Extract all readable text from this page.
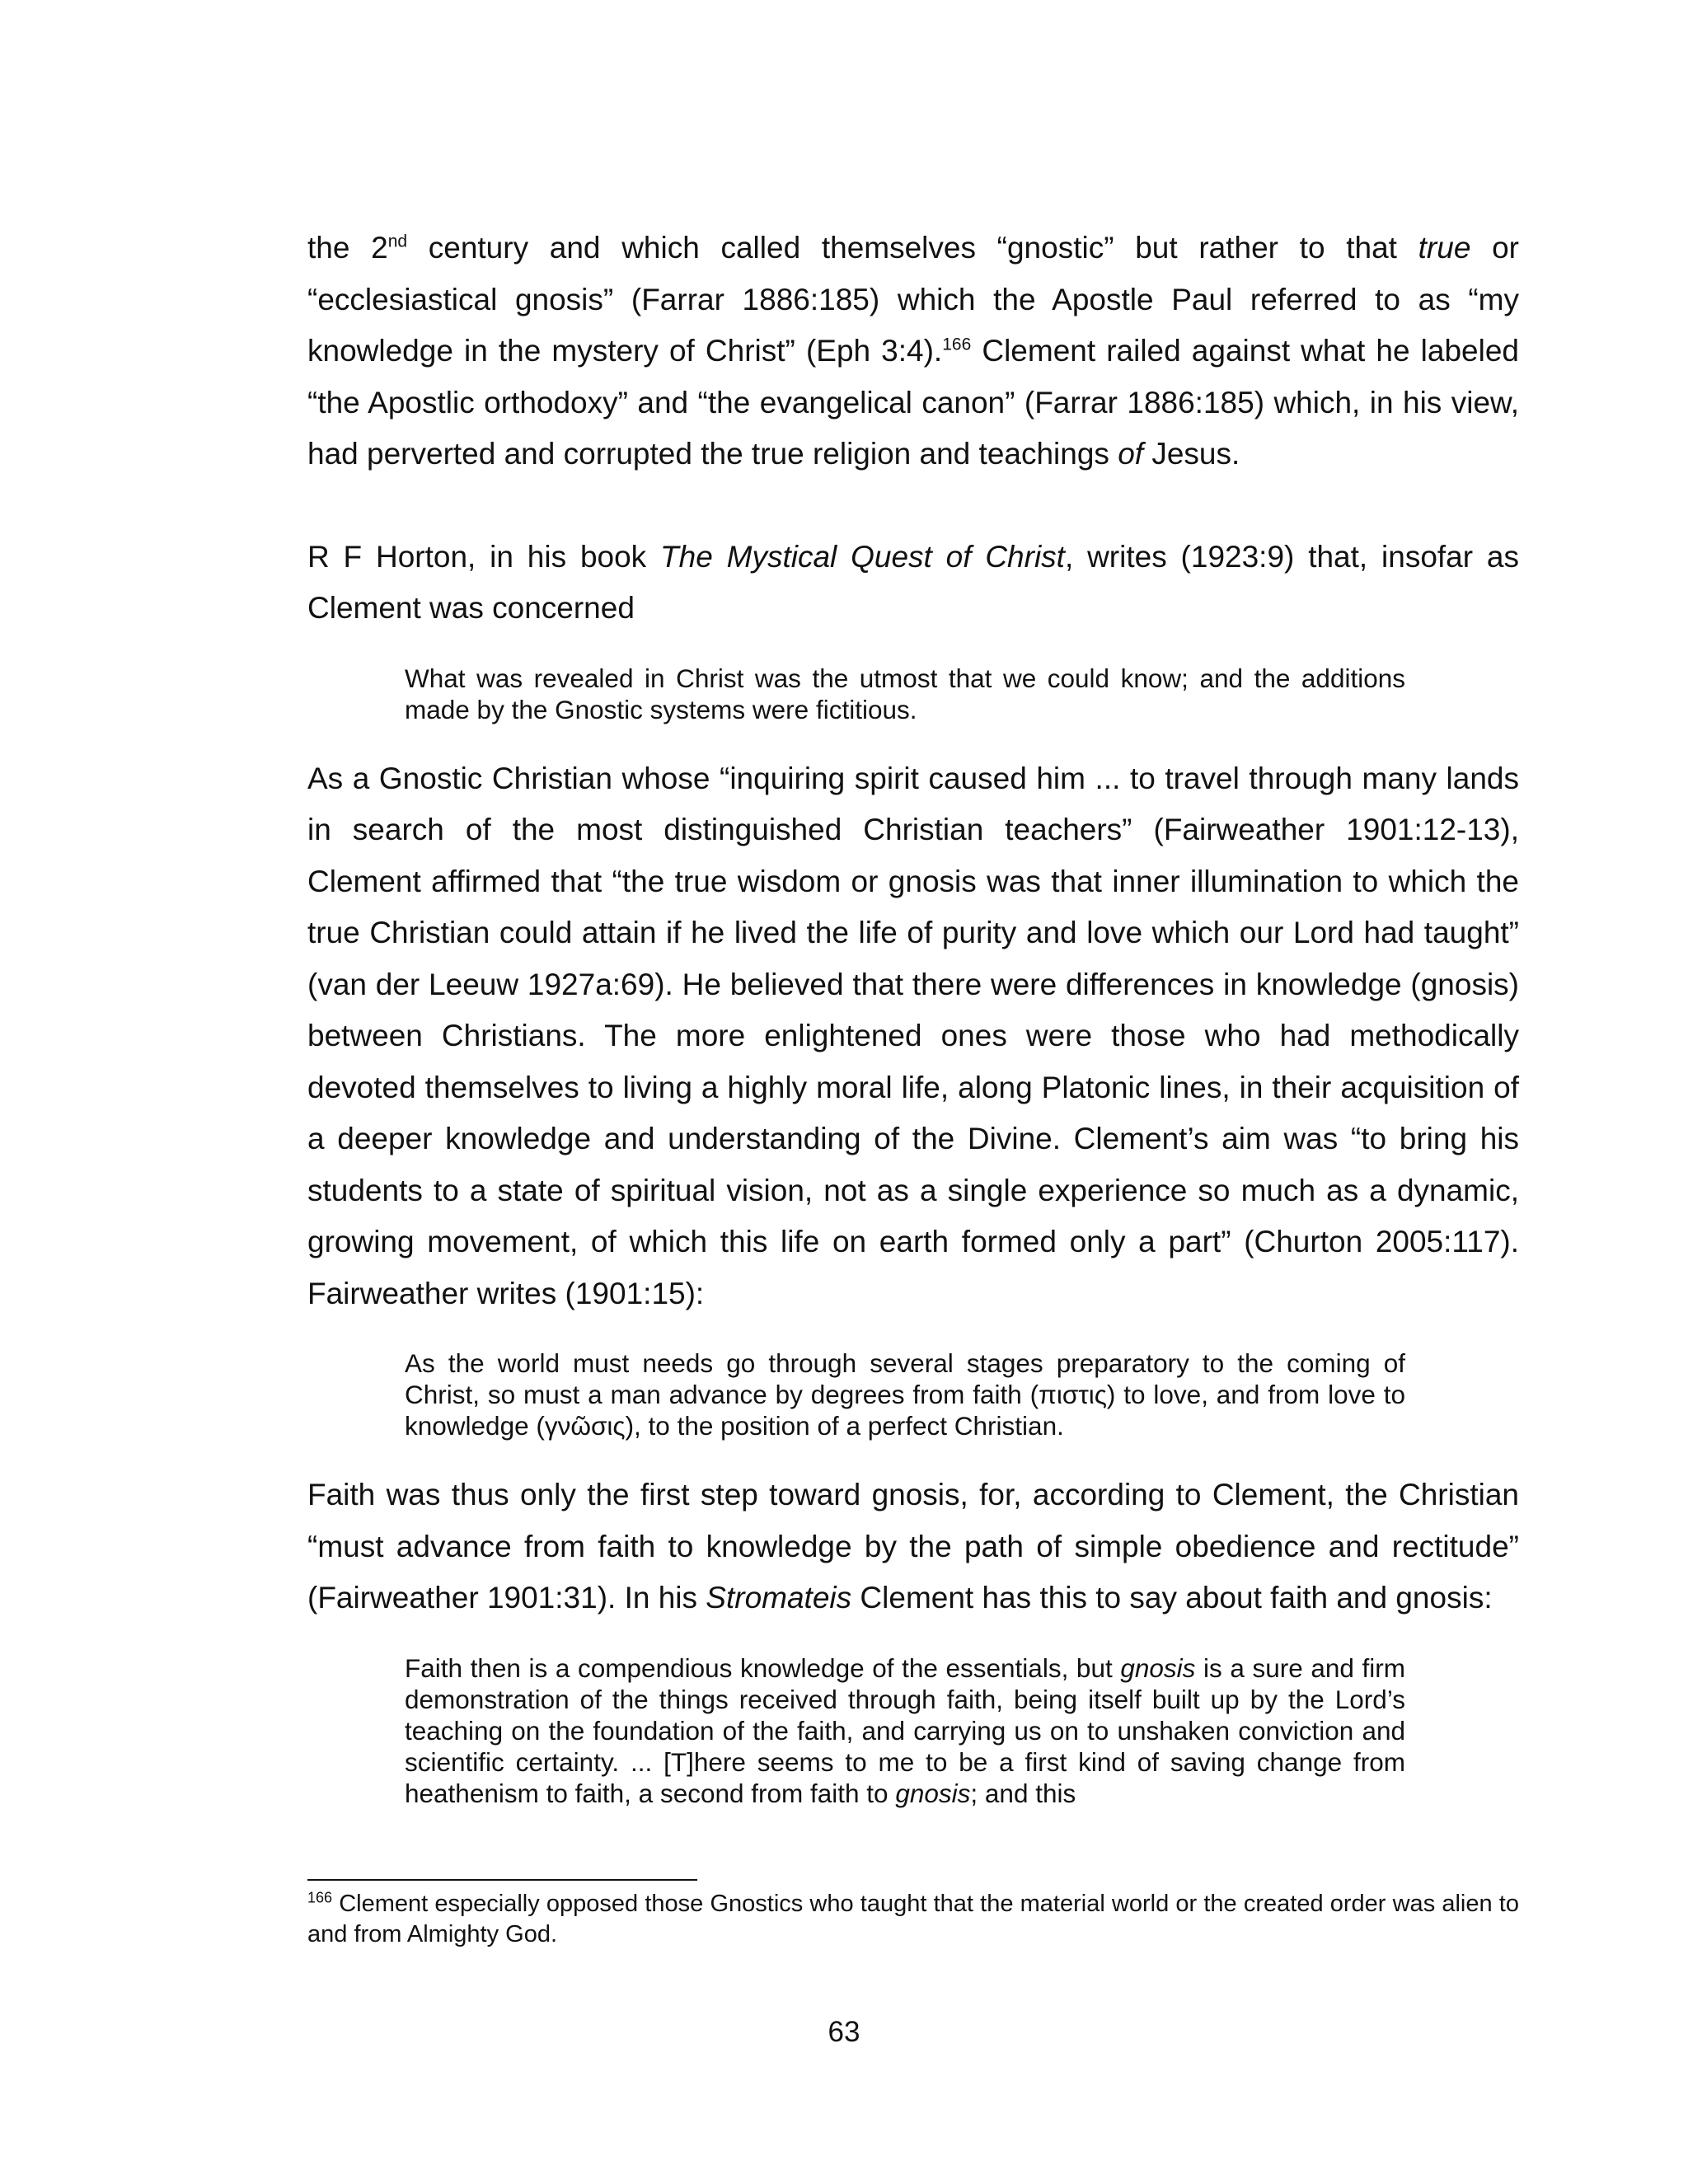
the 2nd century and which called themselves “gnostic” but rather to that true or “ecclesiastical gnosis” (Farrar 1886:185) which the Apostle Paul referred to as “my knowledge in the mystery of Christ” (Eph 3:4).$^{166}$ Clement railed against what he labeled “the Apostlic orthodoxy” and “the evangelical canon” (Farrar 1886:185) which, in his view, had perverted and corrupted the true religion and teachings of Jesus.

R F Horton, in his book The Mystical Quest of Christ, writes (1923:9) that, insofar as Clement was concerned

What was revealed in Christ was the utmost that we could know; and the additions made by the Gnostic systems were fictitious.

As a Gnostic Christian whose “inquiring spirit caused him ... to travel through many lands in search of the most distinguished Christian teachers” (Fairweather 1901:12-13), Clement affirmed that “the true wisdom or gnosis was that inner illumination to which the true Christian could attain if he lived the life of purity and love which our Lord had taught” (van der Leeuw 1927a:69). He believed that there were differences in knowledge (gnosis) between Christians. The more enlightened ones were those who had methodically devoted themselves to living a highly moral life, along Platonic lines, in their acquisition of a deeper knowledge and understanding of the Divine. Clement’s aim was “to bring his students to a state of spiritual vision, not as a single experience so much as a dynamic, growing movement, of which this life on earth formed only a part” (Churton 2005:117). Fairweather writes (1901:15):

As the world must needs go through several stages preparatory to the coming of Christ, so must a man advance by degrees from faith (πιστις) to love, and from love to knowledge (γνῶσις), to the position of a perfect Christian.

Faith was thus only the first step toward gnosis, for, according to Clement, the Christian “must advance from faith to knowledge by the path of simple obedience and rectitude” (Fairweather 1901:31). In his Stromateis Clement has this to say about faith and gnosis:

Faith then is a compendious knowledge of the essentials, but gnosis is a sure and firm demonstration of the things received through faith, being itself built up by the Lord’s teaching on the foundation of the faith, and carrying us on to unshaken conviction and scientific certainty. ... [T]here seems to me to be a first kind of saving change from heathenism to faith, a second from faith to gnosis; and this
$^{166}$ Clement especially opposed those Gnostics who taught that the material world or the created order was alien to and from Almighty God.
63
